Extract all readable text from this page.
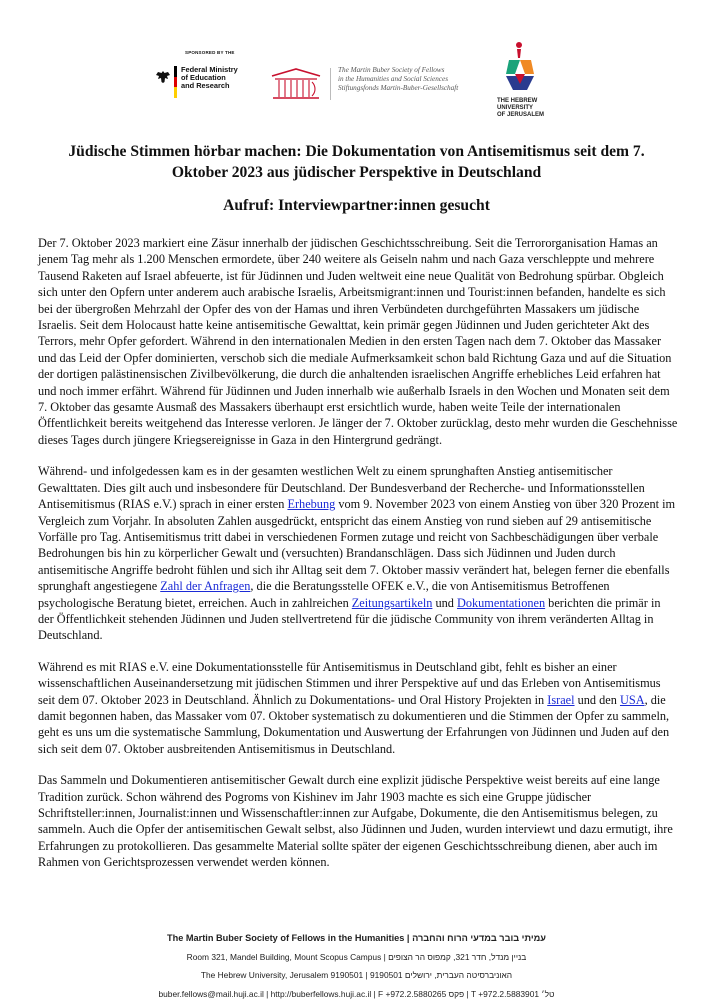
SPONSORED BY THE
Federal Ministry
of Education
and Research
The Martin Buber Society of Fellows
in the Humanities and Social Sciences
Stiftungsfonds Martin-Buber-Gesellschaft
THE HEBREW
UNIVERSITY
OF JERUSALEM
Jüdische Stimmen hörbar machen: Die Dokumentation von Antisemitismus seit dem 7. Oktober 2023 aus jüdischer Perspektive in Deutschland
Aufruf: Interviewpartner:innen gesucht

Der 7. Oktober 2023 markiert eine Zäsur innerhalb der jüdischen Geschichtsschreibung. Seit die Terrororganisation Hamas an jenem Tag mehr als 1.200 Menschen ermordete, über 240 weitere als Geiseln nahm und nach Gaza verschleppte und mehrere Tausend Raketen auf Israel abfeuerte, ist für Jüdinnen und Juden weltweit eine neue Qualität von Bedrohung spürbar. Obgleich sich unter den Opfern unter anderem auch arabische Israelis, Arbeitsmigrant:innen und Tourist:innen befanden, handelte es sich bei der übergroßen Mehrzahl der Opfer des von der Hamas und ihren Verbündeten durchgeführten Massakers um jüdische Israelis. Seit dem Holocaust hatte keine antisemitische Gewalttat, kein primär gegen Jüdinnen und Juden gerichteter Akt des Terrors, mehr Opfer gefordert. Während in den internationalen Medien in den ersten Tagen nach dem 7. Oktober das Massaker und das Leid der Opfer dominierten, verschob sich die mediale Aufmerksamkeit schon bald Richtung Gaza und auf die Situation der dortigen palästinensischen Zivilbevölkerung, die durch die anhaltenden israelischen Angriffe erhebliches Leid erfahren hat und noch immer erfährt. Während für Jüdinnen und Juden innerhalb wie außerhalb Israels in den Wochen und Monaten seit dem 7. Oktober das gesamte Ausmaß des Massakers überhaupt erst ersichtlich wurde, haben weite Teile der internationalen Öffentlichkeit bereits weitgehend das Interesse verloren. Je länger der 7. Oktober zurücklag, desto mehr wurden die Geschehnisse dieses Tages durch jüngere Kriegsereignisse in Gaza in den Hintergrund gedrängt.

Während- und infolgedessen kam es in der gesamten westlichen Welt zu einem sprunghaften Anstieg antisemitischer Gewalttaten. Dies gilt auch und insbesondere für Deutschland. Der Bundesverband der Recherche- und Informationsstellen Antisemitismus (RIAS e.V.) sprach in einer ersten Erhebung vom 9. November 2023 von einem Anstieg von über 320 Prozent im Vergleich zum Vorjahr. In absoluten Zahlen ausgedrückt, entspricht das einem Anstieg von rund sieben auf 29 antisemitische Vorfälle pro Tag. Antisemitismus tritt dabei in verschiedenen Formen zutage und reicht von Sachbeschädigungen über verbale Bedrohungen bis hin zu körperlicher Gewalt und (versuchten) Brandanschlägen. Dass sich Jüdinnen und Juden durch antisemitische Angriffe bedroht fühlen und sich ihr Alltag seit dem 7. Oktober massiv verändert hat, belegen ferner die ebenfalls sprunghaft angestiegene Zahl der Anfragen, die die Beratungsstelle OFEK e.V., die von Antisemitismus Betroffenen psychologische Beratung bietet, erreichen. Auch in zahlreichen Zeitungsartikeln und Dokumentationen berichten die primär in der Öffentlichkeit stehenden Jüdinnen und Juden stellvertretend für die jüdische Community von ihrem veränderten Alltag in Deutschland.

Während es mit RIAS e.V. eine Dokumentationsstelle für Antisemitismus in Deutschland gibt, fehlt es bisher an einer wissenschaftlichen Auseinandersetzung mit jüdischen Stimmen und ihrer Perspektive auf und das Erleben von Antisemitismus seit dem 07. Oktober 2023 in Deutschland. Ähnlich zu Dokumentations- und Oral History Projekten in Israel und den USA, die damit begonnen haben, das Massaker vom 07. Oktober systematisch zu dokumentieren und die Stimmen der Opfer zu sammeln, geht es uns um die systematische Sammlung, Dokumentation und Auswertung der Erfahrungen von Jüdinnen und Juden auf den sich seit dem 07. Oktober ausbreitenden Antisemitismus in Deutschland.

Das Sammeln und Dokumentieren antisemitischer Gewalt durch eine explizit jüdische Perspektive weist bereits auf eine lange Tradition zurück. Schon während des Pogroms von Kishinev im Jahr 1903 machte es sich eine Gruppe jüdischer Schriftsteller:innen, Journalist:innen und Wissenschaftler:innen zur Aufgabe, Dokumente, die den Antisemitismus belegen, zu sammeln. Auch die Opfer der antisemitischen Gewalt selbst, also Jüdinnen und Juden, wurden interviewt und dazu ermutigt, ihre Erfahrungen zu protokollieren. Das gesammelte Material sollte später der eigenen Geschichtsschreibung dienen, aber auch im Rahmen von Gerichtsprozessen verwendet werden können.

The Martin Buber Society of Fellows in the Humanities | עמיתי בובר במדעי הרוח והחברה
Room 321, Mandel Building, Mount Scopus Campus | בניין מנדל, חדר 321, קמפוס הר הצופים
The Hebrew University, Jerusalem 9190501 | 9190501 האוניברסיטה העברית, ירושלים
buber.fellows@mail.huji.ac.il | http://buberfellows.huji.ac.il | F +972.2.5880265 פקס | T +972.2.5883901 טל׳
